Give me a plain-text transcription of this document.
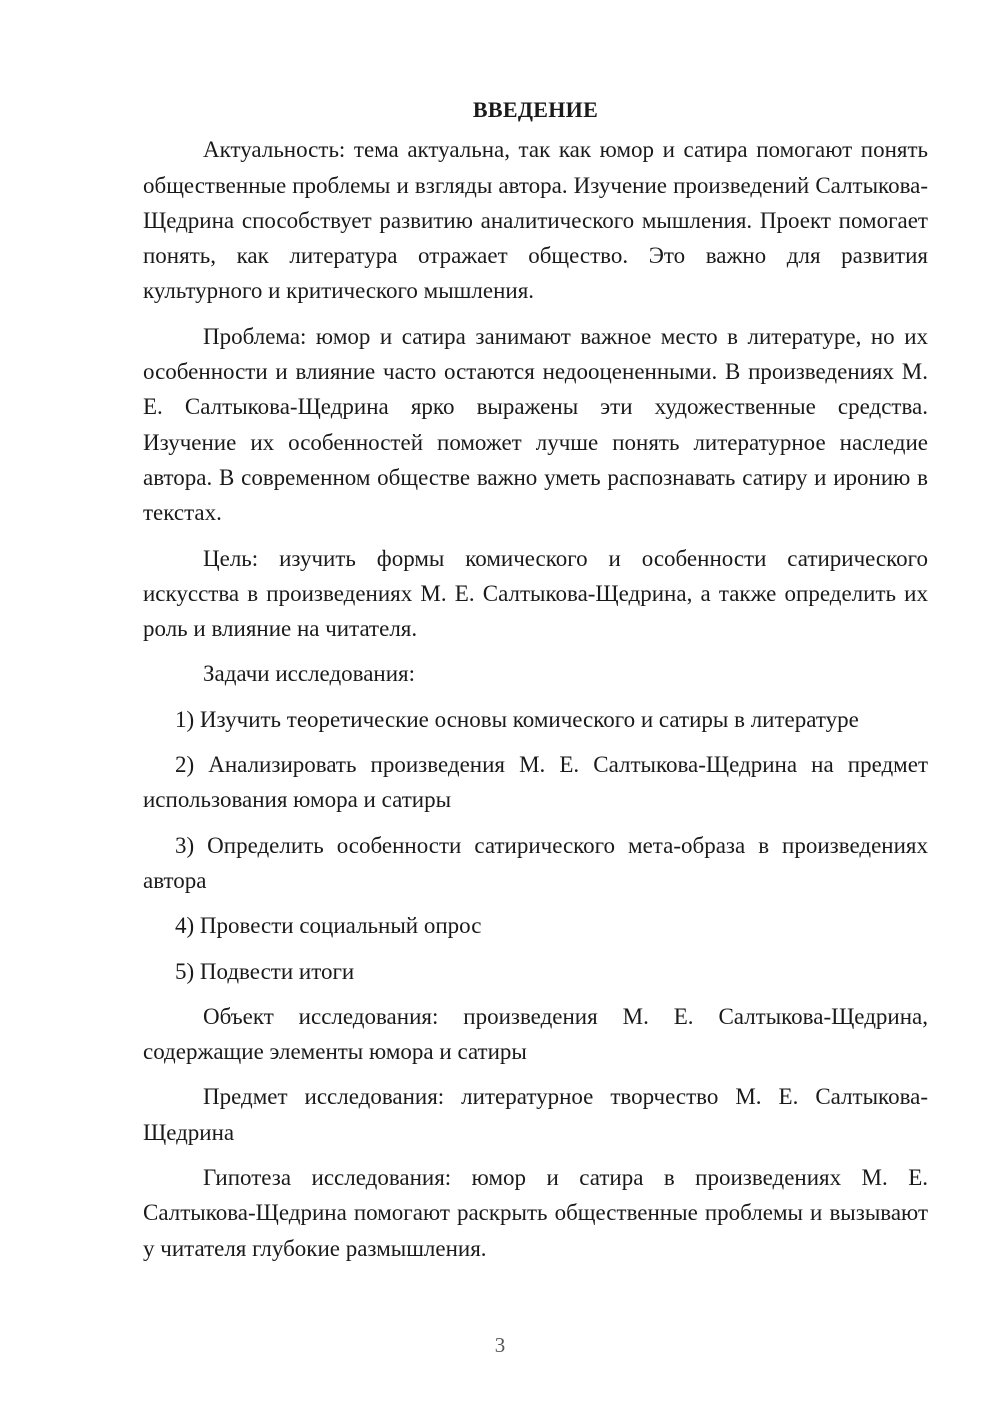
ВВЕДЕНИЕ

Актуальность: тема актуальна, так как юмор и сатира помогают понять общественные проблемы и взгляды автора. Изучение произведений Салтыкова-Щедрина способствует развитию аналитического мышления. Проект помогает понять, как литература отражает общество. Это важно для развития культурного и критического мышления.

Проблема: юмор и сатира занимают важное место в литературе, но их особенности и влияние часто остаются недооцененными. В произведениях М. Е. Салтыкова-Щедрина ярко выражены эти художественные средства. Изучение их особенностей поможет лучше понять литературное наследие автора. В современном обществе важно уметь распознавать сатиру и иронию в текстах.

Цель: изучить формы комического и особенности сатирического искусства в произведениях М. Е. Салтыкова-Щедрина, а также определить их роль и влияние на читателя.

Задачи исследования:

1) Изучить теоретические основы комического и сатиры в литературе

2) Анализировать произведения М. Е. Салтыкова-Щедрина на предмет использования юмора и сатиры

3) Определить особенности сатирического мета-образа в произведениях автора

4) Провести социальный опрос

5) Подвести итоги

Объект исследования: произведения М. Е. Салтыкова-Щедрина, содержащие элементы юмора и сатиры

Предмет исследования: литературное творчество М. Е. Салтыкова-Щедрина

Гипотеза исследования: юмор и сатира в произведениях М. Е. Салтыкова-Щедрина помогают раскрыть общественные проблемы и вызывают у читателя глубокие размышления.

3
